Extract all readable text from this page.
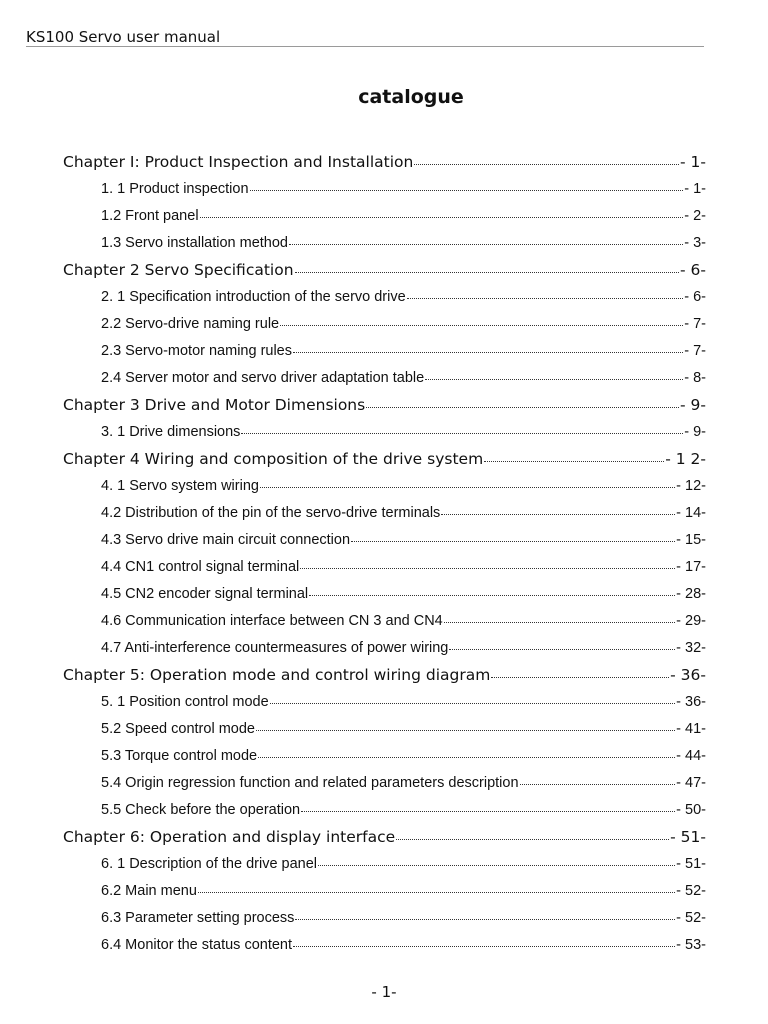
KS100 Servo user manual
catalogue
Chapter I: Product Inspection and Installation	- 1-
1. 1 Product inspection	- 1-
1.2 Front panel	- 2-
1.3 Servo installation method	- 3-
Chapter 2 Servo Specification	- 6-
2. 1 Specification introduction of the servo drive	- 6-
2.2 Servo-drive naming rule	- 7-
2.3 Servo-motor naming rules	- 7-
2.4 Server motor and servo driver adaptation table	- 8-
Chapter 3 Drive and Motor Dimensions	- 9-
3. 1 Drive dimensions	- 9-
Chapter 4 Wiring and composition of the drive system	- 1 2-
4. 1 Servo system wiring	- 12-
4.2 Distribution of the pin of the servo-drive terminals	- 14-
4.3 Servo drive main circuit connection	- 15-
4.4 CN1 control signal terminal	- 17-
4.5 CN2 encoder signal terminal	- 28-
4.6 Communication interface between CN 3 and CN4	- 29-
4.7 Anti-interference countermeasures of power wiring	- 32-
Chapter 5: Operation mode and control wiring diagram	- 36-
5. 1 Position control mode	- 36-
5.2 Speed control mode	- 41-
5.3 Torque control mode	- 44-
5.4 Origin regression function and related parameters description	- 47-
5.5 Check before the operation	- 50-
Chapter 6: Operation and display interface	- 51-
6. 1 Description of the drive panel	- 51-
6.2 Main menu	- 52-
6.3 Parameter setting process	- 52-
6.4 Monitor the status content	- 53-
- 1-
